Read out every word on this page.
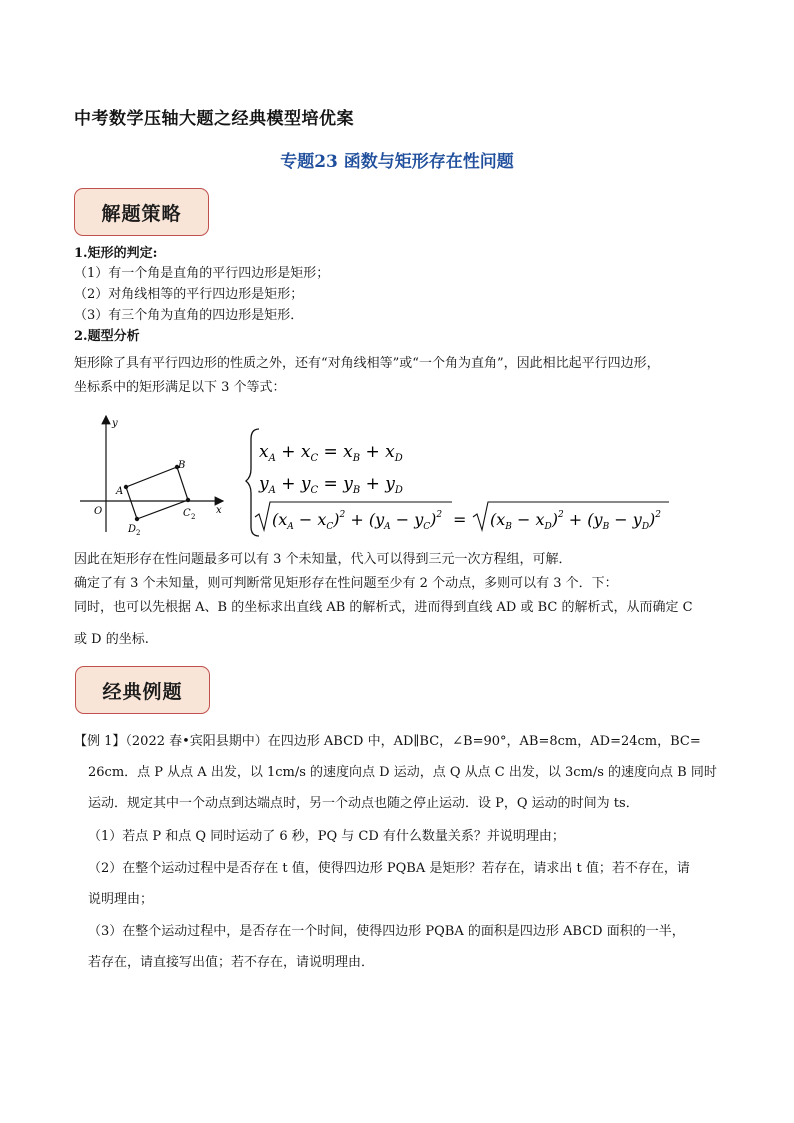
中考数学压轴大题之经典模型培优案
专题23 函数与矩形存在性问题
解题策略
1.矩形的判定:
（1）有一个角是直角的平行四边形是矩形；
（2）对角线相等的平行四边形是矩形；
（3）有三个角为直角的四边形是矩形．
2.题型分析
矩形除了具有平行四边形的性质之外，还有“对角线相等”或“一个角为直角”，因此相比起平行四边形，
坐标系中的矩形满足以下 3 个等式：
y
x
O
A
B
C 2
D 2
$x_A + x_C = x_B + x_D$
$y_A + y_C = y_B + y_D$
$(x_A - x_C)^2 + (y_A - y_C)^2 = (x_B - x_D)^2 + (y_B - y_D)^2$
因此在矩形存在性问题最多可以有 3 个未知量，代入可以得到三元一次方程组，可解．
确定了有 3 个未知量，则可判断常见矩形存在性问题至少有 2 个动点，多则可以有 3 个．下：
同时，也可以先根据 A、B 的坐标求出直线 AB 的解析式，进而得到直线 AD 或 BC 的解析式，从而确定 C
或 D 的坐标.
经典例题
【例 1】（2022 春•宾阳县期中）在四边形 ABCD 中，AD∥BC，∠B=90°，AB=8cm，AD=24cm，BC=
26cm．点 P 从点 A 出发，以 1cm/s 的速度向点 D 运动，点 Q 从点 C 出发，以 3cm/s 的速度向点 B 同时
运动．规定其中一个动点到达端点时，另一个动点也随之停止运动．设 P，Q 运动的时间为 ts．
（1）若点 P 和点 Q 同时运动了 6 秒，PQ 与 CD 有什么数量关系？并说明理由；
（2）在整个运动过程中是否存在 t 值，使得四边形 PQBA 是矩形？若存在，请求出 t 值；若不存在，请
说明理由；
（3）在整个运动过程中，是否存在一个时间，使得四边形 PQBA 的面积是四边形 ABCD 面积的一半，
若存在，请直接写出值；若不存在，请说明理由．
